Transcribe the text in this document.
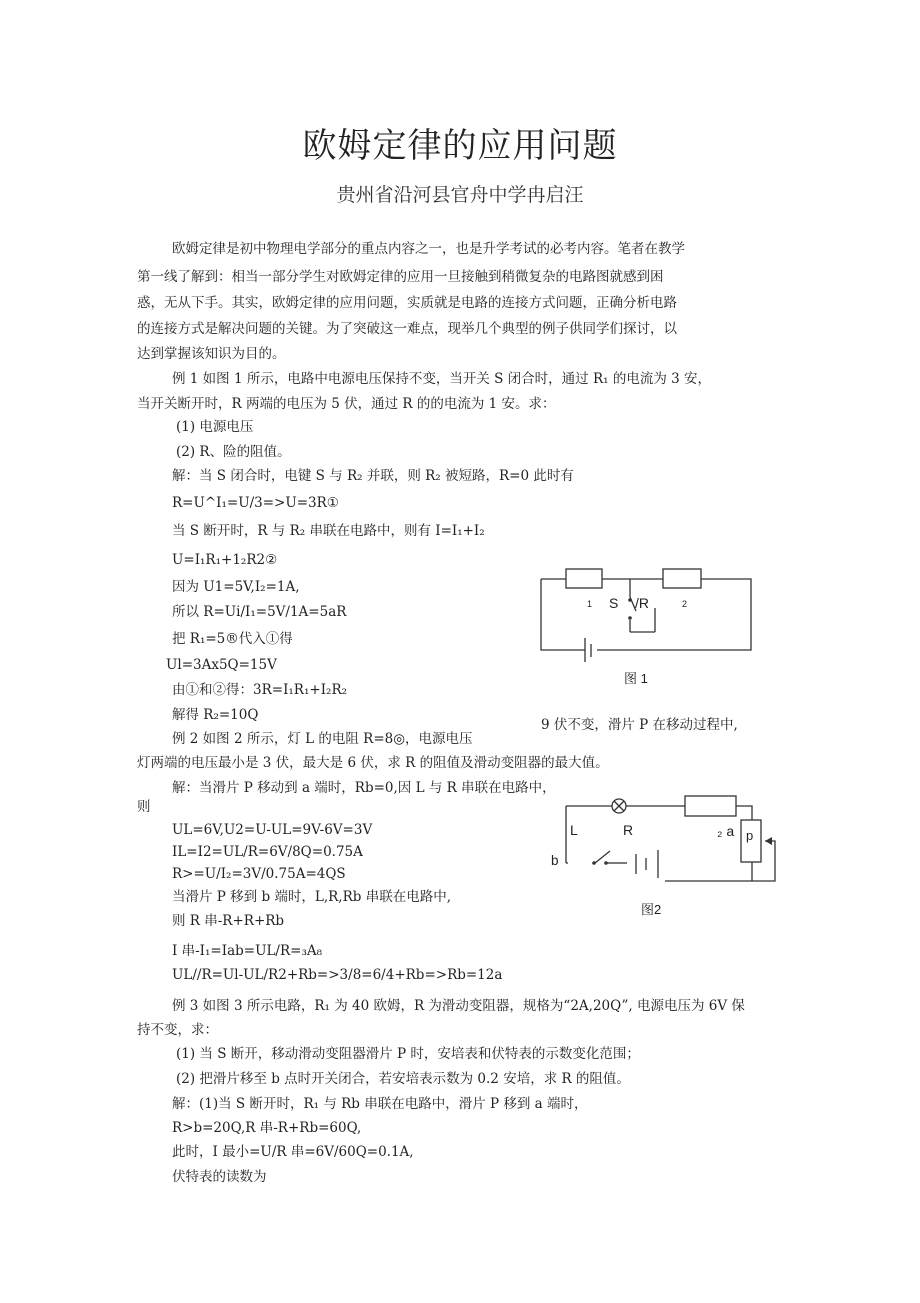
欧姆定律的应用问题
贵州省沿河县官舟中学冉启汪
欧姆定律是初中物理电学部分的重点内容之一，也是升学考试的必考内容。笔者在教学
第一线了解到：相当一部分学生对欧姆定律的应用一旦接触到稍微复杂的电路图就感到困
惑，无从下手。其实，欧姆定律的应用问题，实质就是电路的连接方式问题，正确分析电路
的连接方式是解决问题的关键。为了突破这一难点，现举几个典型的例子供同学们探讨，以
达到掌握该知识为目的。
例 1 如图 1 所示，电路中电源电压保持不变，当开关 S 闭合时，通过 R₁ 的电流为 3 安，
当开关断开时，R 两端的电压为 5 伏，通过 R 的的电流为 1 安。求：
(1) 电源电压
(2) R、险的阻值。
解：当 S 闭合时，电键 S 与 R₂ 并联，则 R₂ 被短路，R=0 此时有
R=U^I₁=U/3=>U=3R①
当 S 断开时，R 与 R₂ 串联在电路中，则有 I=I₁+I₂
U=I₁R₁+1₂R2②
因为 U1=5V,I₂=1A,
所以 R=Ui/I₁=5V/1A=5aR
把 R₁=5®代入①得
Ul=3Ax5Q=15V
由①和②得：3R=I₁R₁+I₂R₂
解得 R₂=10Q
例 2 如图 2 所示，灯 L 的电阻 R=8◎，电源电压
9 伏不变，滑片 P 在移动过程中,
灯两端的电压最小是 3 伏，最大是 6 伏，求 R 的阻值及滑动变阻器的最大值。
解：当滑片 P 移动到 a 端时，Rb=0,因 L 与 R 串联在电路中，
则
UL=6V,U2=U-UL=9V-6V=3V
IL=I2=UL/R=6V/8Q=0.75A
R>=U/I₂=3V/0.75A=4QS
当滑片 P 移到 b 端时，L,R,Rb 串联在电路中,
则 R 串-R+R+Rb
I 串-I₁=Iab=UL/R=₃A₈
UL//R=Ul-UL/R2+Rb=>3/8=6/4+Rb=>Rb=12a
例 3 如图 3 所示电路，R₁ 为 40 欧姆，R 为滑动变阻器，规格为“2A,20Q”, 电源电压为 6V 保
持不变，求：
(1) 当 S 断开，移动滑动变阻器滑片 P 时，安培表和伏特表的示数变化范围；
(2) 把滑片移至 b 点时开关闭合，若安培表示数为 0.2 安培，求 R 的阻值。
解：(1)当 S 断开时，R₁ 与 Rb 串联在电路中，滑片 P 移到 a 端时，
R>b=20Q,R 串-R+Rb=60Q,
此时，I 最小=U/R 串=6V/60Q=0.1A,
伏特表的读数为
1 S /R	2
图 1
L	R	₂ a p
b
图2
